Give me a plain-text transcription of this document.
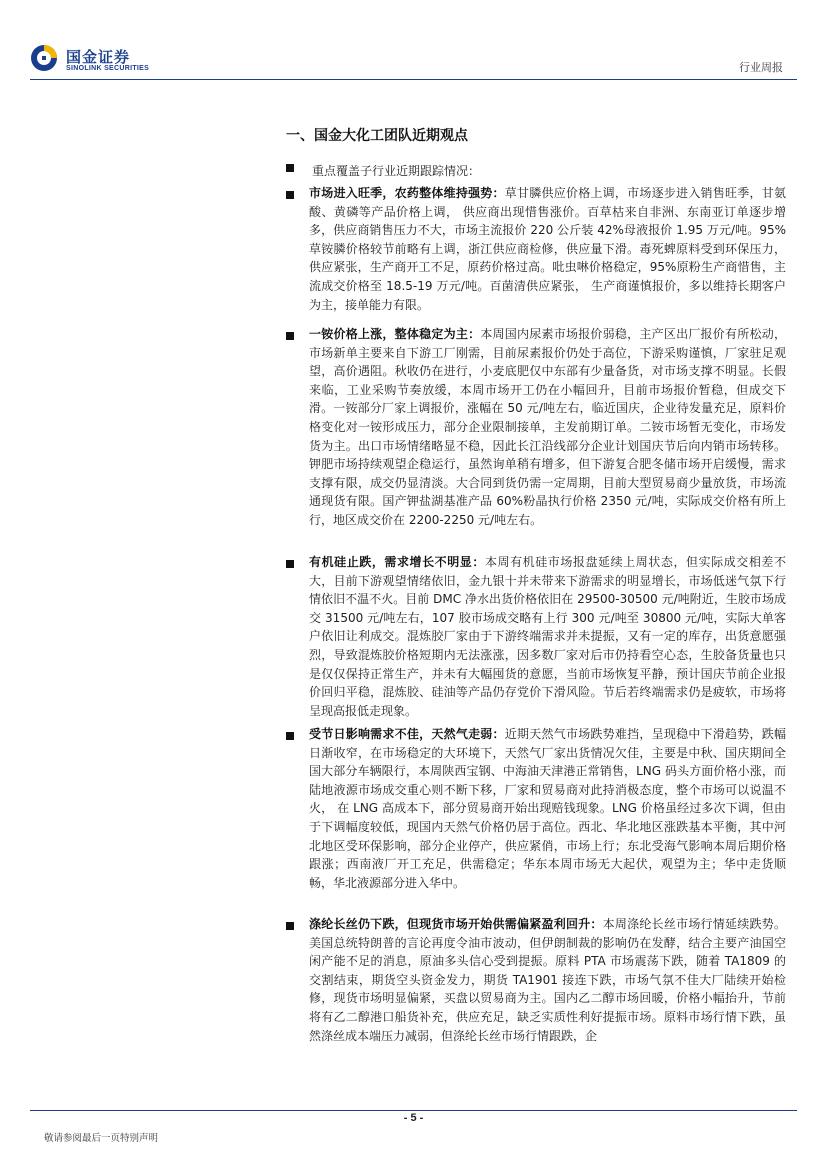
国金证券
SINOLINK SECURITIES	行业周报
一、国金大化工团队近期观点
重点覆盖子行业近期跟踪情况：
市场进入旺季，农药整体维持强势：草甘膦供应价格上调，市场逐步进入销售旺季，甘氨酸、黄磷等产品价格上调， 供应商出现惜售涨价。百草枯来自非洲、东南亚订单逐步增多，供应商销售压力不大，市场主流报价 220 公斤装 42%母液报价 1.95 万元/吨。95%草铵膦价格较节前略有上调，浙江供应商检修，供应量下滑。毒死蜱原料受到环保压力，供应紧张，生产商开工不足，原药价格过高。吡虫啉价格稳定，95%原粉生产商惜售，主流成交价格至 18.5-19 万元/吨。百菌清供应紧张， 生产商谨慎报价，多以维持长期客户为主，接单能力有限。
一铵价格上涨，整体稳定为主：本周国内尿素市场报价弱稳，主产区出厂报价有所松动，市场新单主要来自下游工厂刚需，目前尿素报价仍处于高位，下游采购谨慎，厂家驻足观望，高价遇阻。秋收仍在进行，小麦底肥仅中东部有少量备货，对市场支撑不明显。长假来临，工业采购节奏放缓，本周市场开工仍在小幅回升，目前市场报价暂稳，但成交下滑。一铵部分厂家上调报价，涨幅在 50 元/吨左右，临近国庆，企业待发量充足，原料价格变化对一铵形成压力，部分企业限制接单，主发前期订单。二铵市场暂无变化，市场发货为主。出口市场情绪略显不稳，因此长江沿线部分企业计划国庆节后向内销市场转移。 钾肥市场持续观望企稳运行，虽然询单稍有增多，但下游复合肥冬储市场开启缓慢，需求支撑有限，成交仍显清淡。大合同到货仍需一定周期，目前大型贸易商少量放货，市场流通现货有限。国产钾盐湖基准产品 60%粉晶执行价格 2350 元/吨，实际成交价格有所上行，地区成交价在 2200-2250 元/吨左右。
有机硅止跌，需求增长不明显：本周有机硅市场报盘延续上周状态，但实际成交相差不大，目前下游观望情绪依旧，金九银十并未带来下游需求的明显增长，市场低迷气氛下行情依旧不温不火。目前 DMC 净水出货价格依旧在 29500-30500 元/吨附近，生胶市场成交 31500 元/吨左右，107 胶市场成交略有上行 300 元/吨至 30800 元/吨，实际大单客户依旧让利成交。混炼胶厂家由于下游终端需求并未提振，又有一定的库存，出货意愿强烈，导致混炼胶价格短期内无法涨涨，因多数厂家对后市仍持看空心态，生胶备货量也只是仅仅保持正常生产，并未有大幅囤货的意愿，当前市场恢复平静，预计国庆节前企业报价回归平稳，混炼胶、硅油等产品仍存党价下滑风险。节后若终端需求仍是疲软，市场将呈现高报低走现象。
受节日影响需求不佳，天然气走弱：近期天然气市场跌势难挡，呈现稳中下滑趋势，跌幅日渐收窄，在市场稳定的大环境下，天然气厂家出货情况欠佳，主要是中秋、国庆期间全国大部分车辆限行，本周陕西宝钢、中海油天津港正常销售，LNG 码头方面价格小涨，而陆地液源市场成交重心则不断下移，厂家和贸易商对此持消极态度，整个市场可以说温不火， 在 LNG 高成本下，部分贸易商开始出现赔钱现象。LNG 价格虽经过多次下调，但由于下调幅度较低，现国内天然气价格仍居于高位。西北、华北地区涨跌基本平衡，其中河北地区受环保影响，部分企业停产，供应紧俏，市场上行；东北受海气影响本周后期价格跟涨；西南液厂开工充足，供需稳定；华东本周市场无大起伏，观望为主；华中走货顺畅，华北液源部分进入华中。
涤纶长丝仍下跌，但现货市场开始供需偏紧盈利回升：本周涤纶长丝市场行情延续跌势。美国总统特朗普的言论再度令油市波动，但伊朗制裁的影响仍在发酵，结合主要产油国空闲产能不足的消息，原油多头信心受到提振。原料 PTA 市场震荡下跌，随着 TA1809 的交割结束，期货空头资金发力，期货 TA1901 接连下跌，市场气氛不佳大厂陆续开始检修，现货市场明显偏紧，买盘以贸易商为主。国内乙二醇市场回暖，价格小幅抬升，节前将有乙二醇港口船货补充，供应充足，缺乏实质性利好提振市场。原料市场行情下跌，虽然涤丝成本端压力减弱，但涤纶长丝市场行情跟跌，企
- 5 -
敬请参阅最后一页特别声明
